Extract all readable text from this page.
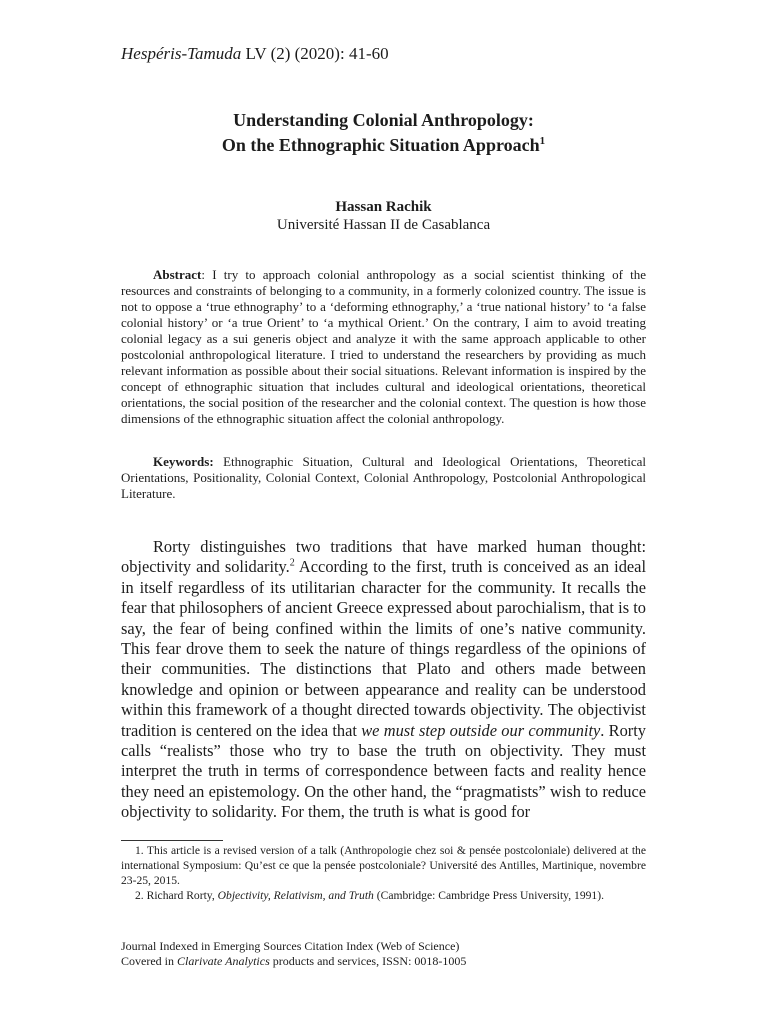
Hespéris-Tamuda LV (2) (2020): 41-60
Understanding Colonial Anthropology:
On the Ethnographic Situation Approach$^1$
Hassan Rachik
Université Hassan II de Casablanca

Abstract: I try to approach colonial anthropology as a social scientist thinking of the resources and constraints of belonging to a community, in a formerly colonized country. The issue is not to oppose a ‘true ethnography’ to a ‘deforming ethnography,’ a ‘true national history’ to ‘a false colonial history’ or ‘a true Orient’ to ‘a mythical Orient.’ On the contrary, I aim to avoid treating colonial legacy as a sui generis object and analyze it with the same approach applicable to other postcolonial anthropological literature. I tried to understand the researchers by providing as much relevant information as possible about their social situations. Relevant information is inspired by the concept of ethnographic situation that includes cultural and ideological orientations, theoretical orientations, the social position of the researcher and the colonial context. The question is how those dimensions of the ethnographic situation affect the colonial anthropology.

Keywords: Ethnographic Situation, Cultural and Ideological Orientations, Theoretical Orientations, Positionality, Colonial Context, Colonial Anthropology, Postcolonial Anthropological Literature.

Rorty distinguishes two traditions that have marked human thought: objectivity and solidarity.$^2$ According to the first, truth is conceived as an ideal in itself regardless of its utilitarian character for the community. It recalls the fear that philosophers of ancient Greece expressed about parochialism, that is to say, the fear of being confined within the limits of one’s native community. This fear drove them to seek the nature of things regardless of the opinions of their communities. The distinctions that Plato and others made between knowledge and opinion or between appearance and reality can be understood within this framework of a thought directed towards objectivity. The objectivist tradition is centered on the idea that we must step outside our community. Rorty calls “realists” those who try to base the truth on objectivity. They must interpret the truth in terms of correspondence between facts and reality hence they need an epistemology. On the other hand, the “pragmatists” wish to reduce objectivity to solidarity. For them, the truth is what is good for

1. This article is a revised version of a talk (Anthropologie chez soi & pensée postcoloniale) delivered at the international Symposium: Qu’est ce que la pensée postcoloniale? Université des Antilles, Martinique, novembre 23-25, 2015.

2. Richard Rorty, Objectivity, Relativism, and Truth (Cambridge: Cambridge Press University, 1991).

Journal Indexed in Emerging Sources Citation Index (Web of Science)
Covered in Clarivate Analytics products and services, ISSN: 0018-1005
